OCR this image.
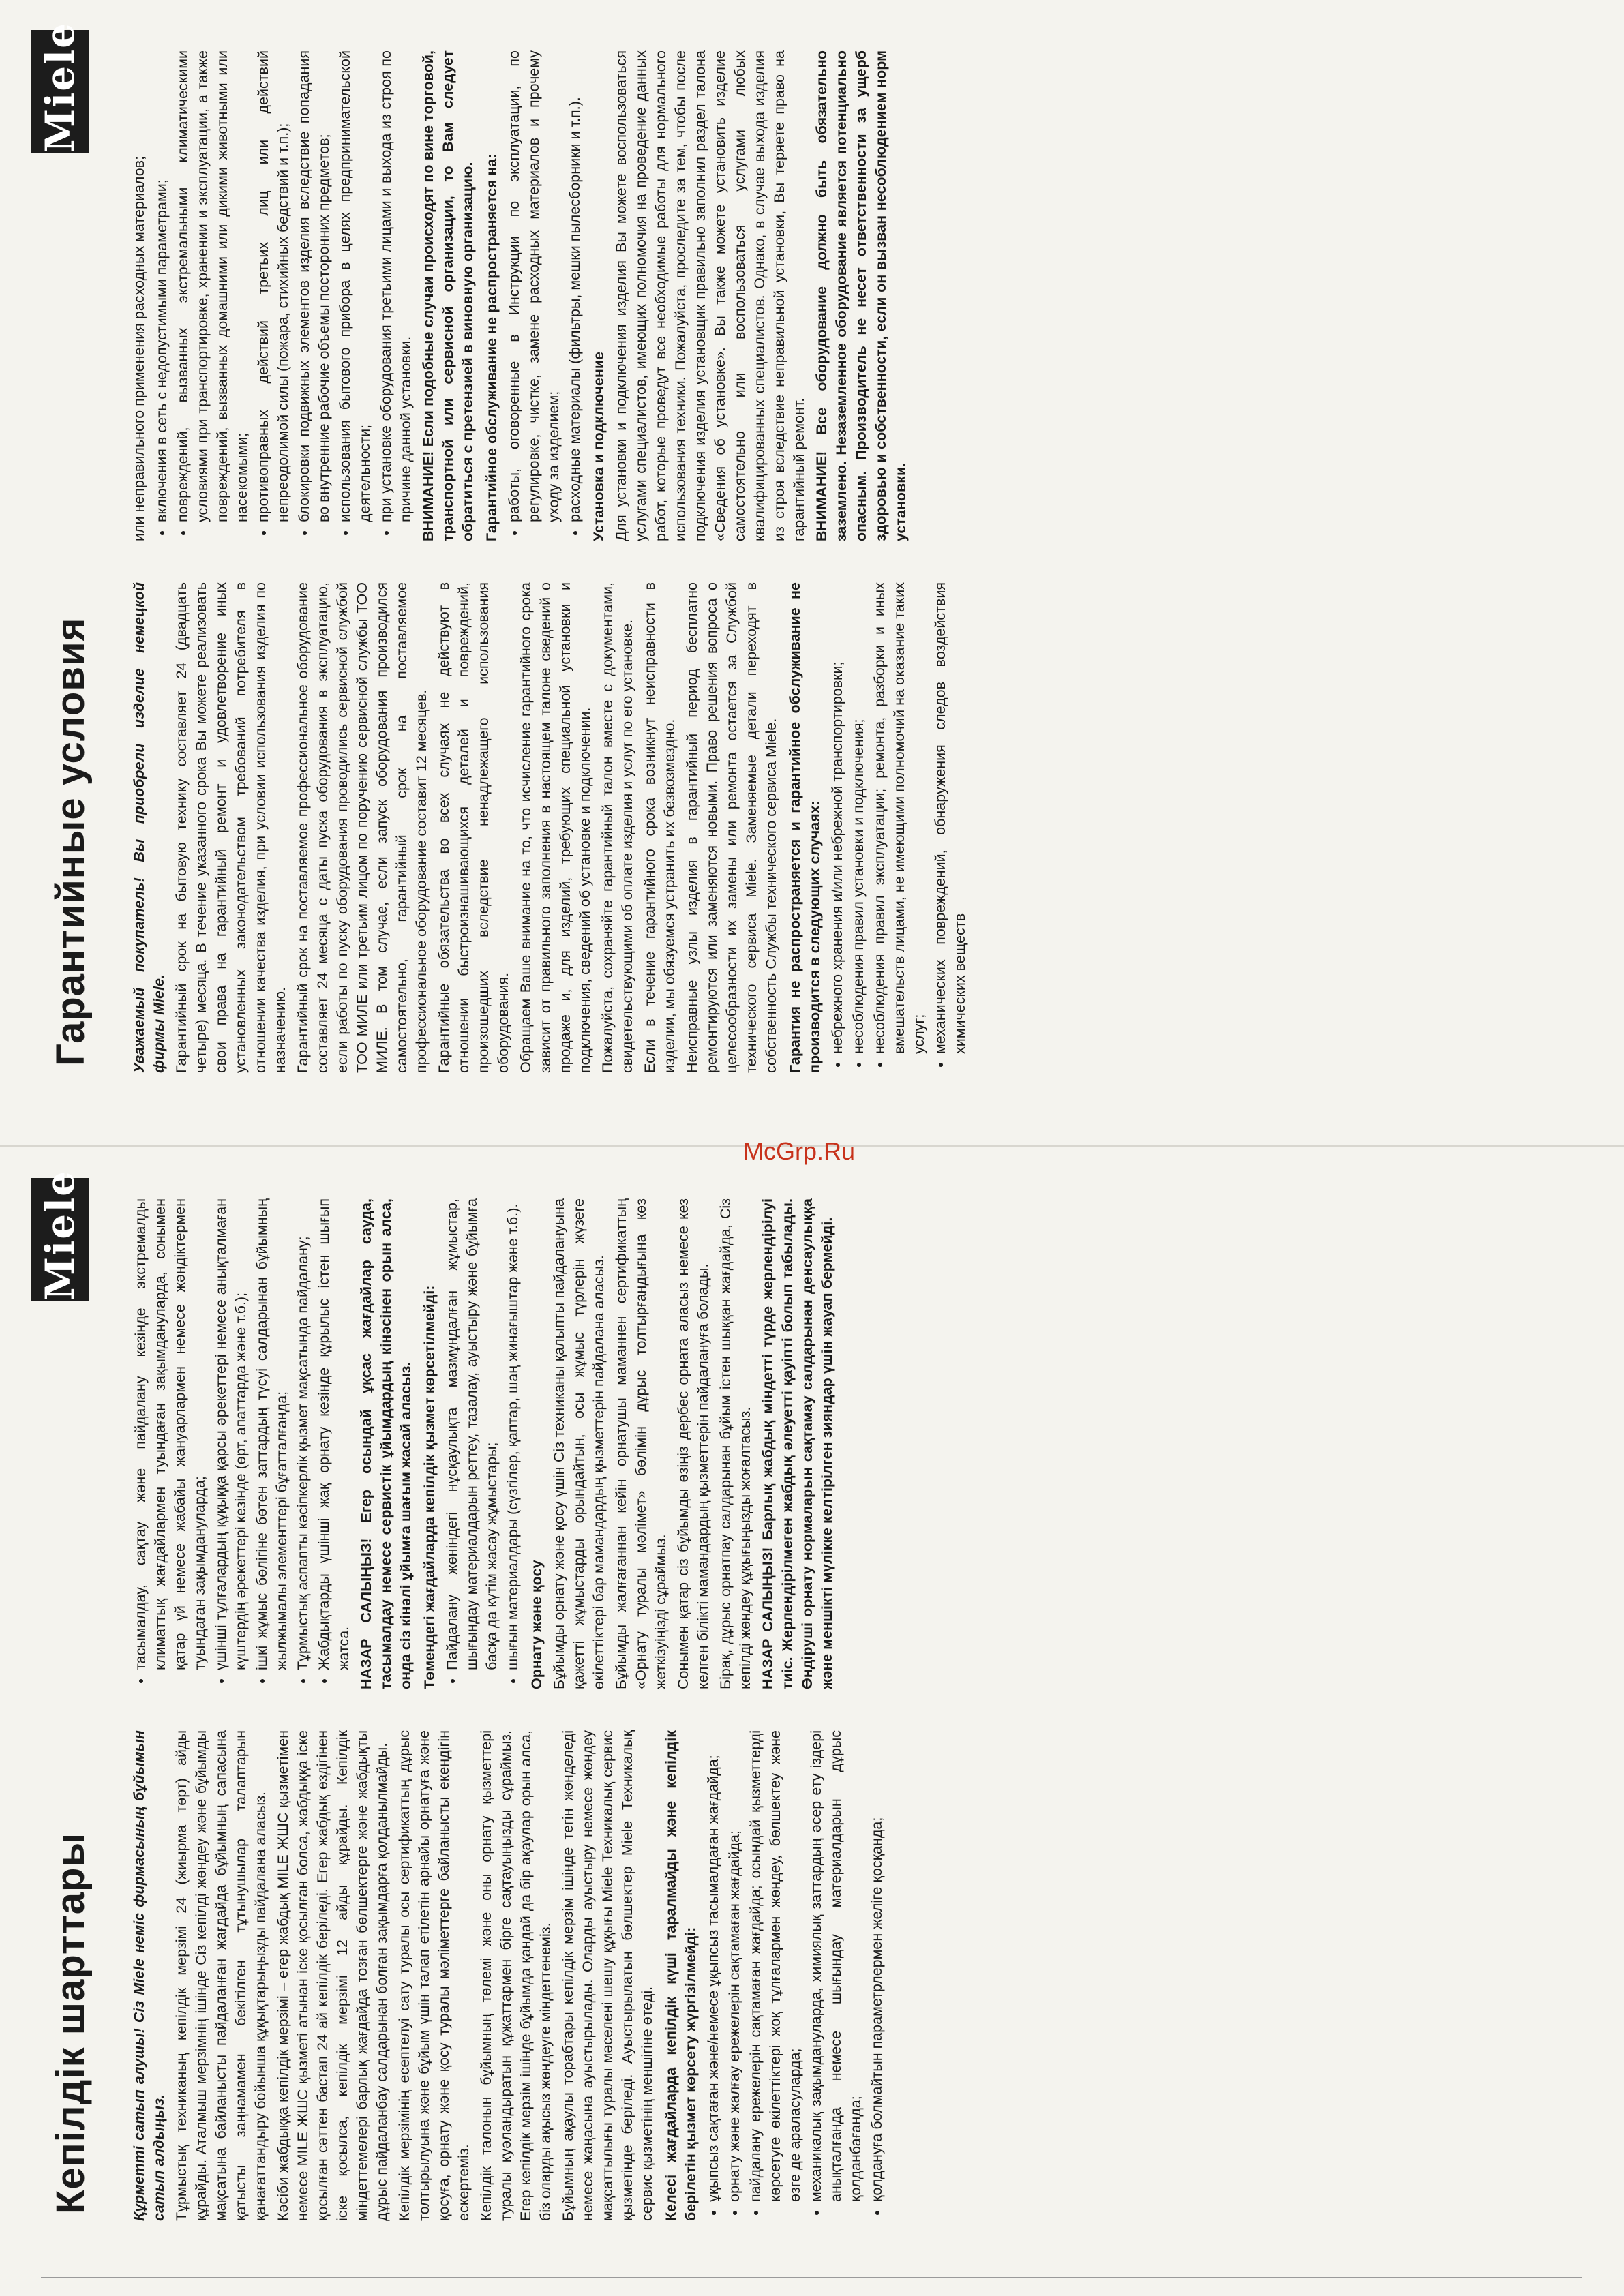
Гарантийные условия
Miele

Уважаемый покупатель! Вы приобрели изделие немецкой фирмы Miele. Гарантийный срок на бытовую технику составляет 24 (двадцать четыре) месяца. В течение указанного срока Вы можете реализовать свои права на гарантийный ремонт и удовлетворение иных установленных законодательством требований потребителя в отношении качества изделия, при условии использования изделия по назначению. Гарантийный срок на поставляемое профессиональное оборудование составляет 24 месяца с даты пуска оборудования в эксплуатацию, если работы по пуску оборудования проводились сервисной службой ТОО МИЛЕ или третьим лицом по поручению сервисной службы ТОО МИЛЕ. В том случае, если запуск оборудования производился самостоятельно, гарантийный срок на поставляемое профессиональное оборудование составит 12 месяцев. Гарантийные обязательства во всех случаях не действуют в отношении быстроизнашивающихся деталей и повреждений, произошедших вследствие ненадлежащего использования оборудования. Обращаем Ваше внимание на то, что исчисление гарантийного срока зависит от правильного заполнения в настоящем талоне сведений о продаже и, для изделий, требующих специальной установки и подключения, сведений об установке и подключении. Пожалуйста, сохраняйте гарантийный талон вместе с документами, свидетельствующими об оплате изделия и услуг по его установке. Если в течение гарантийного срока возникнут неисправности в изделии, мы обязуемся устранить их безвозмездно. Неисправные узлы изделия в гарантийный период бесплатно ремонтируются или заменяются новыми. Право решения вопроса о целесообразности их замены или ремонта остается за Службой технического сервиса Miele. Заменяемые детали переходят в собственность Службы технического сервиса Miele. Гарантия не распространяется и гарантийное обслуживание не производится в следующих случаях: • небрежного хранения и/или небрежной транспортировки; • несоблюдения правил установки и подключения; • несоблюдения правил эксплуатации; ремонта, разборки и иных вмешательств лицами, не имеющими полномочий на оказание таких услуг; • механических повреждений, обнаружения следов воздействия химических веществ

или неправильного применения расходных материалов; • включения в сеть с недопустимыми параметрами; • повреждений, вызванных экстремальными климатическими условиями при транспортировке, хранении и эксплуатации, а также повреждений, вызванных домашними или дикими животными или насекомыми; • противоправных действий третьих лиц или действий непреодолимой силы (пожара, стихийных бедствий и т.п.); • блокировки подвижных элементов изделия вследствие попадания во внутренние рабочие объемы посторонних предметов; • использования бытового прибора в целях предпринимательской деятельности; • при установке оборудования третьими лицами и выхода из строя по причине данной установки. ВНИМАНИЕ! Если подобные случаи происходят по вине торговой, транспортной или сервисной организации, то Вам следует обратиться с претензией в виновную организацию. Гарантийное обслуживание не распространяется на: • работы, оговоренные в Инструкции по эксплуатации, по регулировке, чистке, замене расходных материалов и прочему уходу за изделием; • расходные материалы (фильтры, мешки пылесборники и т.п.). Установка и подключение Для установки и подключения изделия Вы можете воспользоваться услугами специалистов, имеющих полномочия на проведение данных работ, которые проведут все необходимые работы для нормального использования техники. Пожалуйста, проследите за тем, чтобы после подключения изделия установщик правильно заполнил раздел талона «Сведения об установке». Вы также можете установить изделие самостоятельно или воспользоваться услугами любых квалифицированных специалистов. Однако, в случае выхода изделия из строя вследствие неправильной установки, Вы теряете право на гарантийный ремонт. ВНИМАНИЕ! Все оборудование должно быть обязательно заземлено. Незаземленное оборудование является потенциально опасным. Производитель не несет ответственности за ущерб здоровью и собственности, если он вызван несоблюдением норм установки.

McGrp.Ru
Кепілдік шарттары
Miele

Құрметті сатып алушы! Сіз Miele неміс фирмасының бұйымын сатып алдыңыз. Тұрмыстық техниканың кепілдік мерзімі 24 (жиырма төрт) айды құрайды. Аталмыш мерзімнің ішінде Сіз кепілді жөндеу және бұйымды мақсатына байланысты пайдаланған жағдайда бұйымның сапасына қатысты заңнамамен бекітілген тұтынушылар талаптарын қанағаттандыру бойынша құқықтарыңызды пайдалана аласыз. Кәсіби жабдыққа кепілдік мерзімі – егер жабдық MILE ЖШС қызметімен немесе MILE ЖШС қызметі атынан іске қосылған болса, жабдыққа іске қосылған сәттен бастап 24 ай кепілдік беріледі. Егер жабдық өздігінен іске қосылса, кепілдік мерзімі 12 айды құрайды. Кепілдік міндеттемелері барлық жағдайда тозған бөлшектерге және жабдықты дұрыс пайдаланбау салдарынан болған зақымдарға қолданылмайды. Кепілдік мерзімінің есептелуі сату туралы осы сертификаттың дұрыс толтырылуына және бұйым үшін талап етілетін арнайы орнатуға және қосуға, орнату және қосу туралы мәліметтерге байланысты екендігін ескертеміз. Кепілдік талонын бұйымның төлемі және оны орнату қызметтері туралы куәландыратын құжаттармен бірге сақтауыңызды сұраймыз. Егер кепілдік мерзім ішінде бұйымда қандай да бір ақаулар орын алса, біз оларды ақысыз жөндеуге міндеттенеміз. Бұйымның ақаулы торабтары кепілдік мерзім ішінде тегін жөнделеді немесе жаңасына ауыстырылады. Оларды ауыстыру немесе жөндеу мақсаттылығы туралы мәселені шешу құқығы Miele Техникалық сервис қызметінде беріледі. Ауыстырылатын бөлшектер Miele Техникалық сервис қызметінің меншігіне өтеді. Келесі жағдайларда кепілдік күші таралмайды және кепілдік берілетін қызмет көрсету жүргізілмейді: • ұқыпсыз сақтаған және/немесе ұқыпсыз тасымалдаған жағдайда; • орнату және жалғау ережелерін сақтамаған жағдайда; • пайдалану ережелерін сақтамаған жағдайда; осындай қызметтерді көрсетуге өкілеттіктері жоқ тұлғалармен жөндеу, бөлшектеу және өзге де араласуларда; • механикалық зақымдануларда, химиялық заттардың әсер ету іздері анықталғанда немесе шығындау материалдарын дұрыс қолданбағанда; • қолдануға болмайтын параметрлермен желіге қосқанда;
• тасымалдау, сақтау және пайдалану кезінде экстремалды климаттық жағдайлармен туындаған зақымдануларда, сонымен қатар үй немесе жабайы жануарлармен немесе жәндіктермен туындаған зақымдануларда; • үшінші тұлғалардың құқыққа қарсы әрекеттері немесе анықталмаған күштердің әрекеттері кезінде (өрт, апаттарда және т.б.); • ішкі жұмыс бөлігіне бөтен заттардың түсуі салдарынан бұйымның жылжымалы элементтері бұғатталғанда; • Тұрмыстық аспапты кәсіпкерлік қызмет мақсатында пайдалану; • Жабдықтарды үшінші жақ орнату кезінде құрылыс істен шығып жатса. НАЗАР САЛЫҢЫЗ! Егер осындай ұқсас жағдайлар сауда, тасымалдау немесе сервистік ұйымдардың кінәсінен орын алса, онда сіз кінәлі ұйымға шағым жасай аласыз. Төмендегі жағдайларда кепілдік қызмет көрсетілмейді: • Пайдалану жөніндегі нұсқаулықта мазмұндалған жұмыстар, шығындау материалдарын реттеу, тазалау, ауыстыру және бұйымға басқа да күтім жасау жұмыстары; • шығын материалдары (сүзгілер, қаптар, шаң жинағыштар және т.б.). Орнату және қосу Бұйымды орнату және қосу үшін Сіз техниканы қалыпты пайдалануына қажетті жұмыстарды орындайтын, осы жұмыс түрлерін жүзеге өкілеттіктері бар мамандардың қызметтерін пайдалана аласыз. Бұйымды жалғағаннан кейін орнатушы маманнен сертификаттың «Орнату туралы мәлімет» бөлімін дұрыс толтырғандығына көз жеткізуіңізді сұраймыз. Сонымен қатар сіз бұйымды өзіңіз дербес орната аласыз немесе кез келген білікті мамандардың қызметтерін пайдалануға болады. Бірақ, дұрыс орнатпау салдарынан бұйым істен шыққан жағдайда, Сіз кепілді жөндеу құқығыңызды жоғалтасыз. НАЗАР САЛЫҢЫЗ! Барлық жабдық міндетті түрде жерлендірілуі тиіс. Жерлендірілмеген жабдық әлеуетті қауіпті болып табылады. Өндіруші орнату нормаларын сақтамау салдарынан денсаулыққа және меншікті мүлікке келтірілген зияндар үшін жауап бермейді.
